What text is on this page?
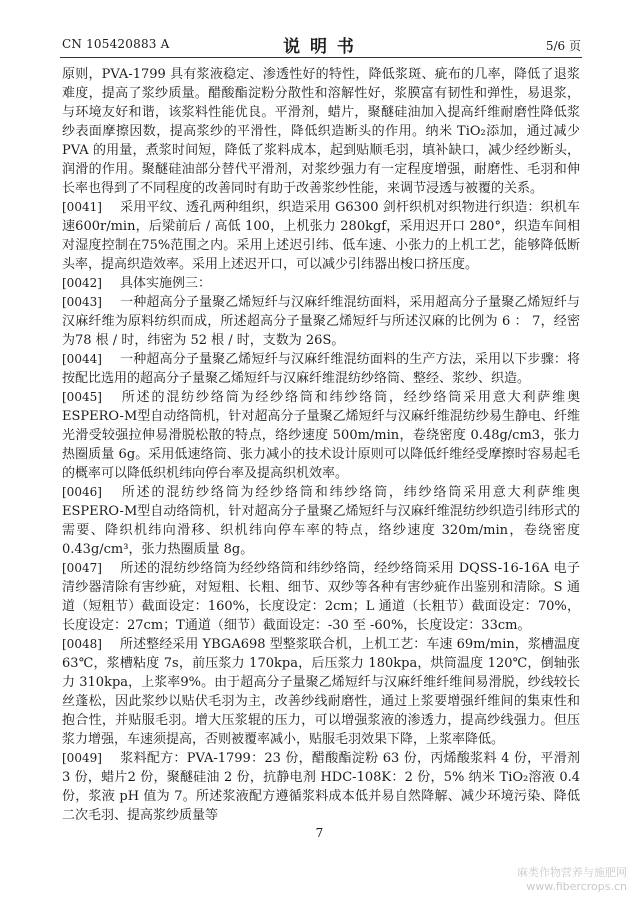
CN 105420883 A	说 明 书	5/6 页

原则，PVA-1799 具有浆液稳定、渗透性好的特性，降低浆斑、疵布的几率，降低了退浆难度，提高了浆纱质量。醋酸酯淀粉分散性和溶解性好，浆膜富有韧性和弹性，易退浆，与环境友好和谐，该浆料性能优良。平滑剂，蜡片，聚醚硅油加入提高纤维耐磨性降低浆纱表面摩擦因数，提高浆纱的平滑性，降低织造断头的作用。纳米 TiO₂添加，通过减少 PVA 的用量，煮浆时间短，降低了浆料成本，起到贴顺毛羽，填补缺口，减少经纱断头，润滑的作用。聚醚硅油部分替代平滑剂，对浆纱强力有一定程度增强，耐磨性、毛羽和伸长率也得到了不同程度的改善同时有助于改善浆纱性能，来调节浸透与被覆的关系。

[0041] 采用平纹、透孔两种组织，织造采用 G6300 剑杆织机对织物进行织造：织机车速600r/min，后梁前后 / 高低 100，上机张力 280kgf，采用迟开口 280°，织造车间相对湿度控制在75%范围之内。采用上述迟引纬、低车速、小张力的上机工艺，能够降低断头率，提高织造效率。采用上述迟开口，可以减少引纬器出梭口挤压度。

[0042] 具体实施例三：

[0043] 一种超高分子量聚乙烯短纤与汉麻纤维混纺面料，采用超高分子量聚乙烯短纤与汉麻纤维为原料纺织而成，所述超高分子量聚乙烯短纤与所述汉麻的比例为 6 ： 7，经密为78 根 / 时，纬密为 52 根 / 时，支数为 26S。

[0044] 一种超高分子量聚乙烯短纤与汉麻纤维混纺面料的生产方法，采用以下步骤：将按配比选用的超高分子量聚乙烯短纤与汉麻纤维混纺纱络筒、整经、浆纱、织造。

[0045] 所述的混纺纱络筒为经纱络筒和纬纱络筒，经纱络筒采用意大利萨维奥 ESPERO-M型自动络筒机，针对超高分子量聚乙烯短纤与汉麻纤维混纺纱易生静电、纤维光滑受较强拉伸易滑脱松散的特点，络纱速度 500m/min，卷绕密度 0.48g/cm3，张力热圈质量 6g。采用低速络筒、张力减小的技术设计原则可以降低纤维经受摩擦时容易起毛的概率可以降低织机纬向停台率及提高织机效率。

[0046] 所述的混纺纱络筒为经纱络筒和纬纱络筒，纬纱络筒采用意大利萨维奥 ESPERO-M型自动络筒机，针对超高分子量聚乙烯短纤与汉麻纤维混纺纱织造引纬形式的需要、降织机纬向滑移、织机纬向停车率的特点，络纱速度 320m/min，卷绕密度 0.43g/cm³，张力热圈质量 8g。

[0047] 所述的混纺纱络筒为经纱络筒和纬纱络筒，经纱络筒采用 DQSS-16-16A 电子清纱器清除有害纱疵，对短粗、长粗、细节、双纱等各种有害纱疵作出鉴别和清除。S 通道（短粗节）截面设定：160%，长度设定：2cm；L 通道（长粗节）截面设定：70%，长度设定：27cm；T通道（细节）截面设定：-30 至 -60%，长度设定：33cm。

[0048] 所述整经采用 YBGA698 型整浆联合机，上机工艺：车速 69m/min，浆槽温度 63℃，浆槽粘度 7s，前压浆力 170kpa，后压浆力 180kpa，烘筒温度 120℃，倒轴张力 310kpa，上浆率9%。由于超高分子量聚乙烯短纤与汉麻纤维纤维间易滑脱，纱线较长丝蓬松，因此浆纱以贴伏毛羽为主，改善纱线耐磨性，通过上浆要增强纤维间的集束性和抱合性，并贴服毛羽。增大压浆辊的压力，可以增强浆液的渗透力，提高纱线强力。但压浆力增强，车速须提高，否则被覆率减小，贴服毛羽效果下降，上浆率降低。

[0049] 浆料配方：PVA-1799：23 份，醋酸酯淀粉 63 份，丙烯酸浆料 4 份，平滑剂 3 份，蜡片2 份，聚醚硅油 2 份，抗静电剂 HDC-108K：2 份，5% 纳米 TiO₂溶液 0.4 份，浆液 pH 值为 7。所述浆液配方遵循浆料成本低并易自然降解、减少环境污染、降低二次毛羽、提高浆纱质量等

7
麻类作物营养与施肥网
www.fibercrops.cn
